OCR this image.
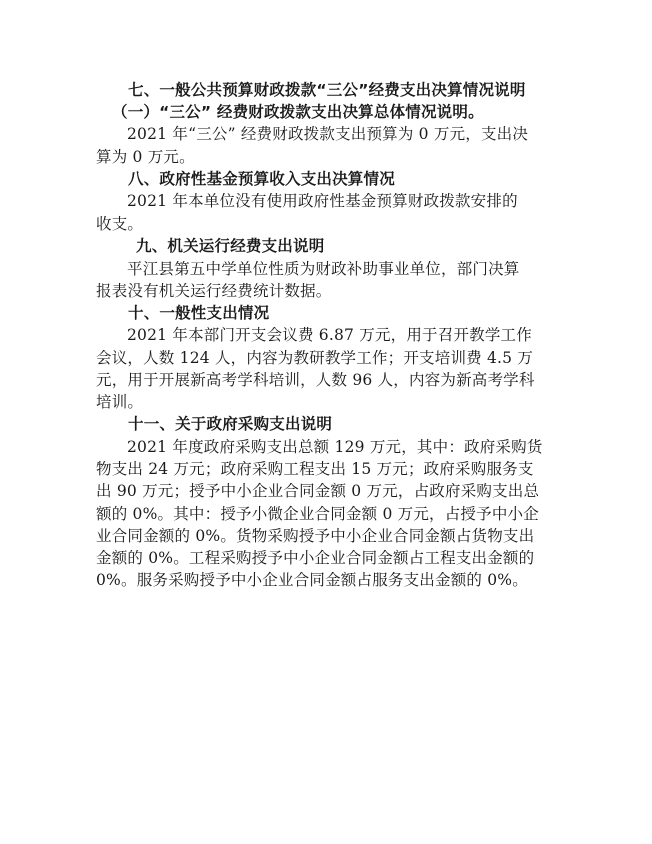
七、一般公共预算财政拨款“三公”经费支出决算情况说明
（一）“三公” 经费财政拨款支出决算总体情况说明。
2021 年“三公” 经费财政拨款支出预算为 0 万元，支出决
算为 0 万元。
八、政府性基金预算收入支出决算情况
2021 年本单位没有使用政府性基金预算财政拨款安排的
收支。
九、机关运行经费支出说明
平江县第五中学单位性质为财政补助事业单位，部门决算
报表没有机关运行经费统计数据。
十、一般性支出情况
2021 年本部门开支会议费 6.87 万元，用于召开教学工作
会议，人数 124 人，内容为教研教学工作；开支培训费 4.5 万
元，用于开展新高考学科培训，人数 96 人，内容为新高考学科
培训。
十一、关于政府采购支出说明
2021 年度政府采购支出总额 129 万元，其中：政府采购货
物支出 24 万元；政府采购工程支出 15 万元；政府采购服务支
出 90 万元；授予中小企业合同金额 0 万元，占政府采购支出总
额的 0%。其中：授予小微企业合同金额 0 万元，占授予中小企
业合同金额的 0%。货物采购授予中小企业合同金额占货物支出
金额的 0%。工程采购授予中小企业合同金额占工程支出金额的
0%。服务采购授予中小企业合同金额占服务支出金额的 0%。
